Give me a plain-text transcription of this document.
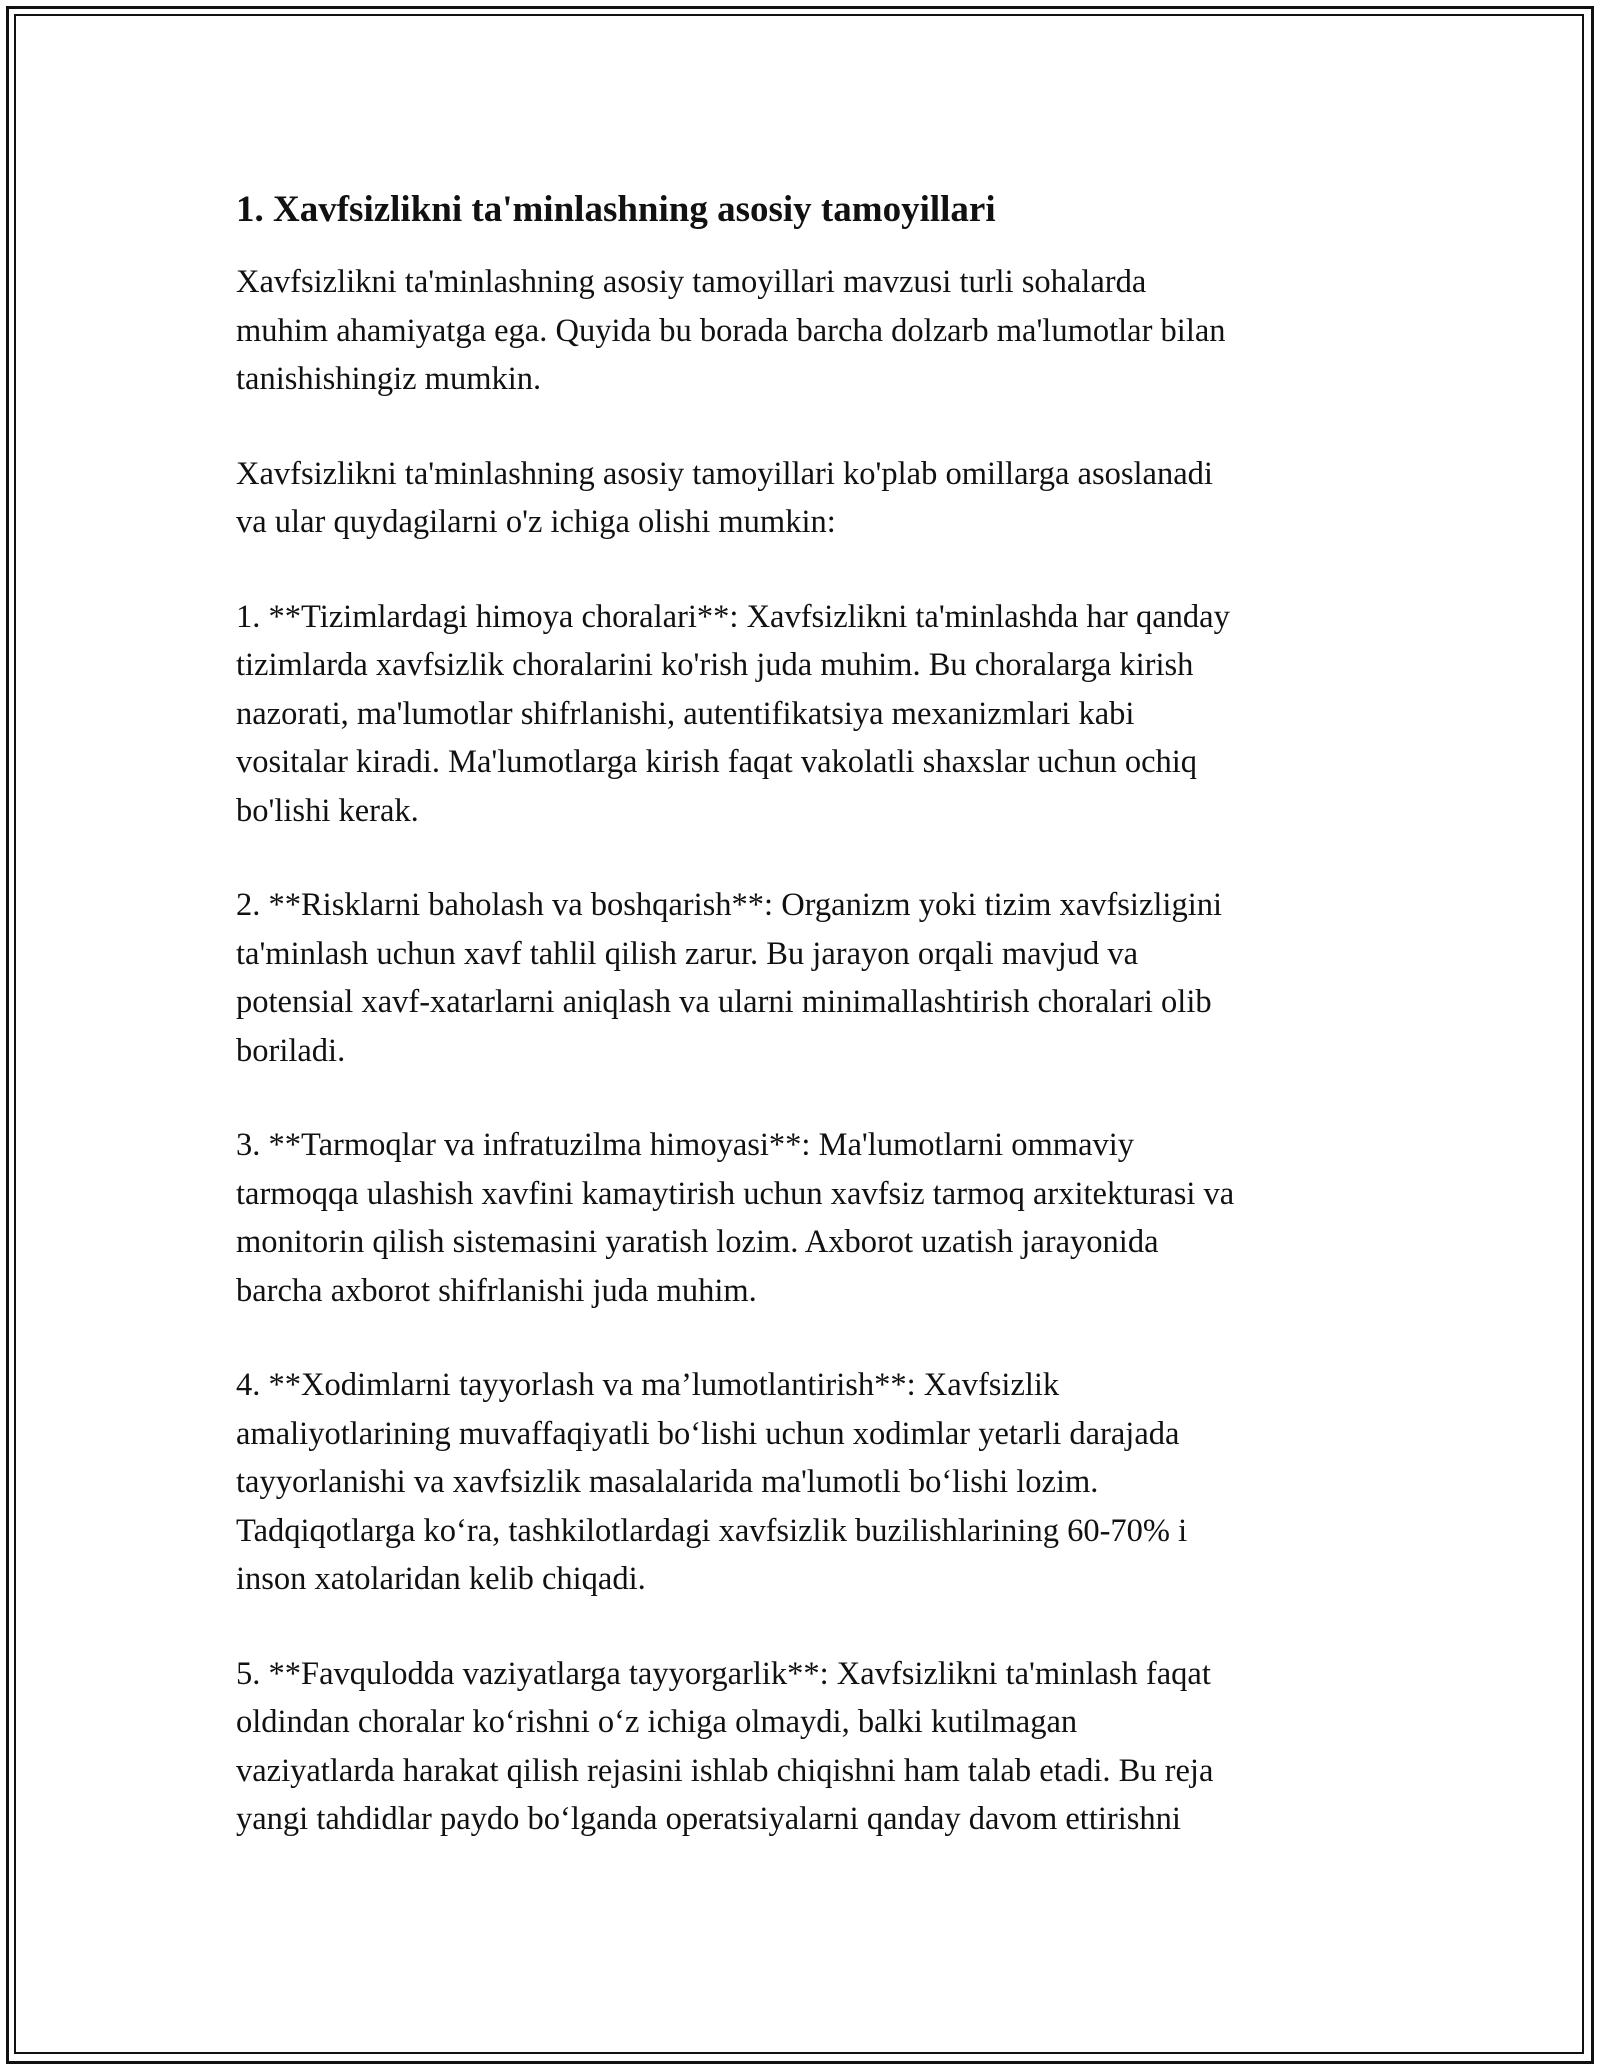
1. Xavfsizlikni ta'minlashning asosiy tamoyillari
Xavfsizlikni ta'minlashning asosiy tamoyillari mavzusi turli sohalarda
muhim ahamiyatga ega. Quyida bu borada barcha dolzarb ma'lumotlar bilan
tanishishingiz mumkin.
Xavfsizlikni ta'minlashning asosiy tamoyillari ko'plab omillarga asoslanadi
va ular quydagilarni o'z ichiga olishi mumkin:
1. **Tizimlardagi himoya choralari**: Xavfsizlikni ta'minlashda har qanday
tizimlarda xavfsizlik choralarini ko'rish juda muhim. Bu choralarga kirish
nazorati, ma'lumotlar shifrlanishi, autentifikatsiya mexanizmlari kabi
vositalar kiradi. Ma'lumotlarga kirish faqat vakolatli shaxslar uchun ochiq
bo'lishi kerak.
2. **Risklarni baholash va boshqarish**: Organizm yoki tizim xavfsizligini
ta'minlash uchun xavf tahlil qilish zarur. Bu jarayon orqali mavjud va
potensial xavf-xatarlarni aniqlash va ularni minimallashtirish choralari olib
boriladi.
3. **Tarmoqlar va infratuzilma himoyasi**: Ma'lumotlarni ommaviy
tarmoqqa ulashish xavfini kamaytirish uchun xavfsiz tarmoq arxitekturasi va
monitorin qilish sistemasini yaratish lozim. Axborot uzatish jarayonida
barcha axborot shifrlanishi juda muhim.
4. **Xodimlarni tayyorlash va ma’lumotlantirish**: Xavfsizlik
amaliyotlarining muvaffaqiyatli bo‘lishi uchun xodimlar yetarli darajada
tayyorlanishi va xavfsizlik masalalarida ma'lumotli bo‘lishi lozim.
Tadqiqotlarga ko‘ra, tashkilotlardagi xavfsizlik buzilishlarining 60-70% i
inson xatolaridan kelib chiqadi.
5. **Favqulodda vaziyatlarga tayyorgarlik**: Xavfsizlikni ta'minlash faqat
oldindan choralar ko‘rishni o‘z ichiga olmaydi, balki kutilmagan
vaziyatlarda harakat qilish rejasini ishlab chiqishni ham talab etadi. Bu reja
yangi tahdidlar paydo bo‘lganda operatsiyalarni qanday davom ettirishni
